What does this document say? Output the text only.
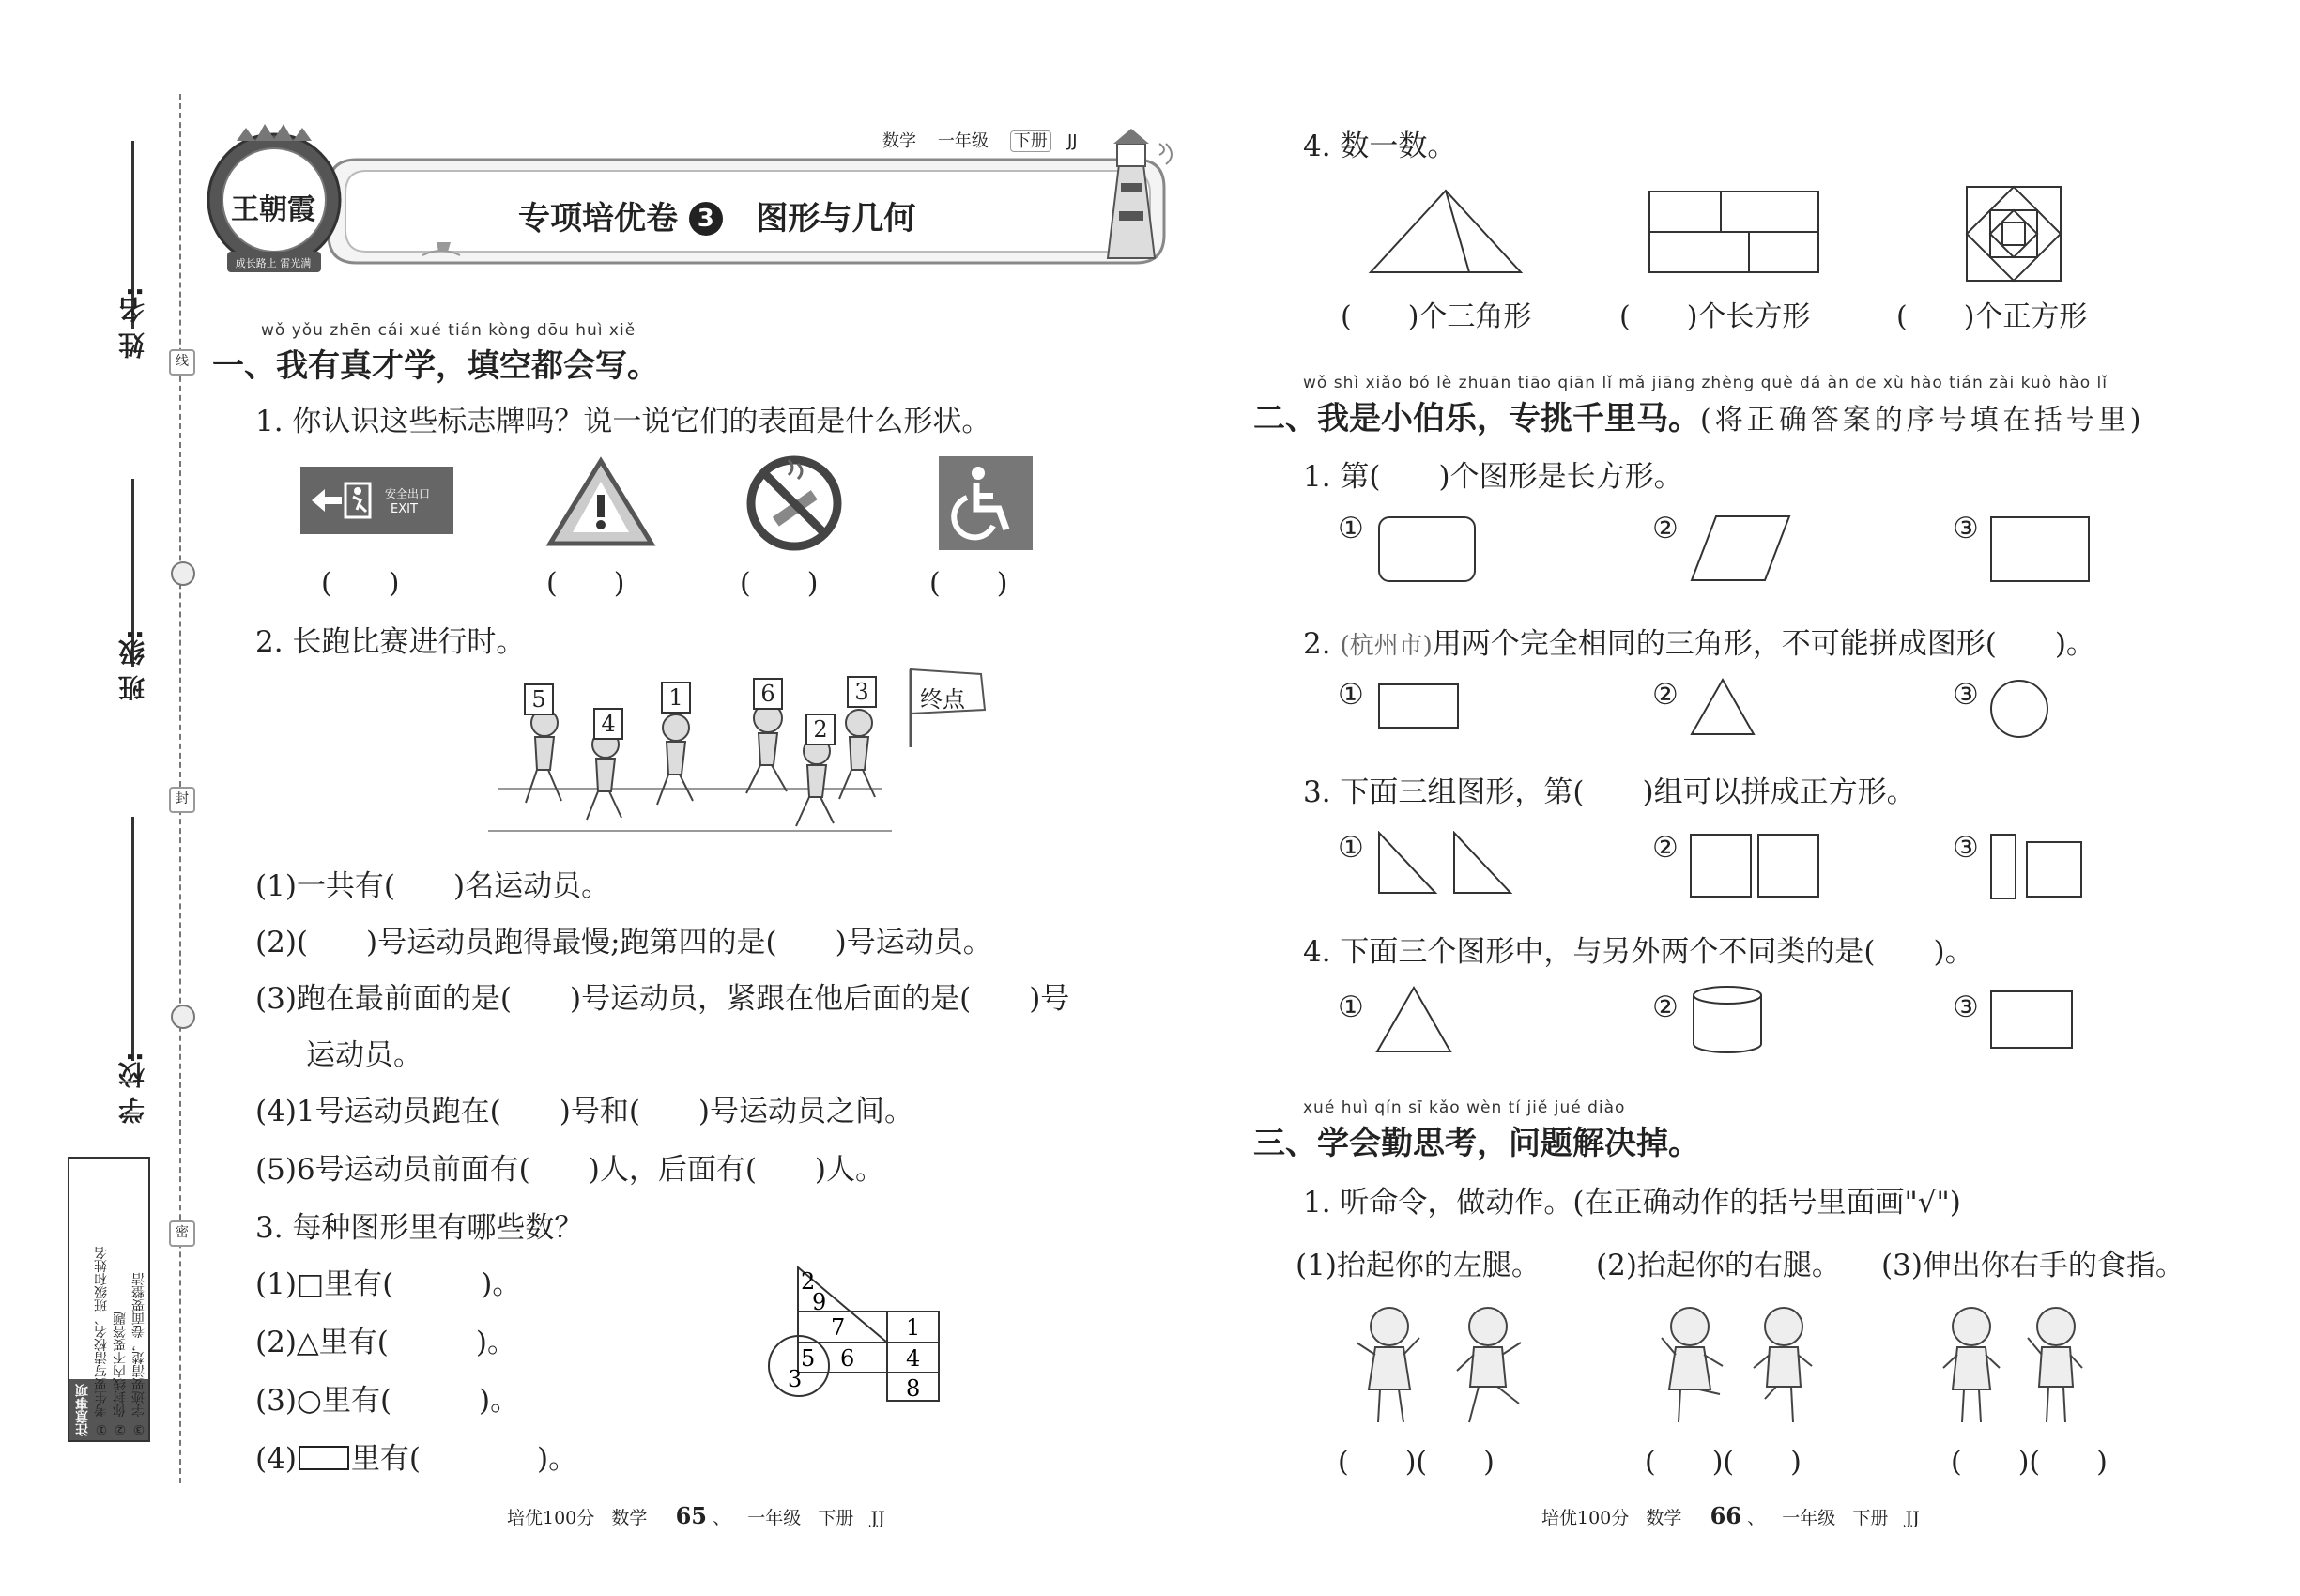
姓 名:
班 级:
学 校:
线
封
密
注意事项 ① 考生要写清校名、班级和姓名 ② 你封线内不要答题 ③ 字迹要清楚，卷面要整洁
王朝霞
成长路上 雷光满天
数学 一年级 下册 JJ
专项培优卷 3 图形与几何
wǒ yǒu zhēn cái xué tián kòng dōu huì xiě
一、我有真才学，填空都会写。
1. 你认识这些标志牌吗？说一说它们的表面是什么形状。
安全出口
EXIT
(　　)	(　　)	(　　)	(　　)
2. 长跑比赛进行时。
终点
5
4
1	6
2
3
(1)一共有(　　)名运动员。
(2)(　　)号运动员跑得最慢;跑第四的是(　　)号运动员。
(3)跑在最前面的是(　　)号运动员，紧跟在他后面的是(　　)号
运动员。
(4)1号运动员跑在(　　)号和(　　)号运动员之间。
(5)6号运动员前面有(　　)人，后面有(　　)人。
3. 每种图形里有哪些数？
(1)□里有(　　　)。
(2)△里有(　　　)。
(3)○里有(　　　)。
(4) 里有(　　　　)。
2
9
7	1
5 6 4
3	8
培优100分 数学 65 、   一年级 下册 JJ
4. 数一数。
(　　)个三角形	(　　)个长方形	(　　)个正方形
wǒ shì xiǎo bó lè zhuān tiāo qiān lǐ mǎ jiāng zhèng què dá àn de xù hào tián zài kuò hào lǐ
二、我是小伯乐，专挑千里马。(将正确答案的序号填在括号里)
1. 第(　　)个图形是长方形。
①	②	③
2. (杭州市)用两个完全相同的三角形，不可能拼成图形(　　)。
①	②	③
3. 下面三组图形，第(　　)组可以拼成正方形。
①	②	③
4. 下面三个图形中，与另外两个不同类的是(　　)。
①	②	③
xué huì qín sī kǎo wèn tí jiě jué diào
三、学会勤思考，问题解决掉。
1. 听命令，做动作。(在正确动作的括号里面画"√")
(1)抬起你的左腿。 (2)抬起你的右腿。 (3)伸出你右手的食指。
(　　)(　　)	(　　)(　　)	(　　)(　　)
培优100分 数学 66 、   一年级 下册 JJ
